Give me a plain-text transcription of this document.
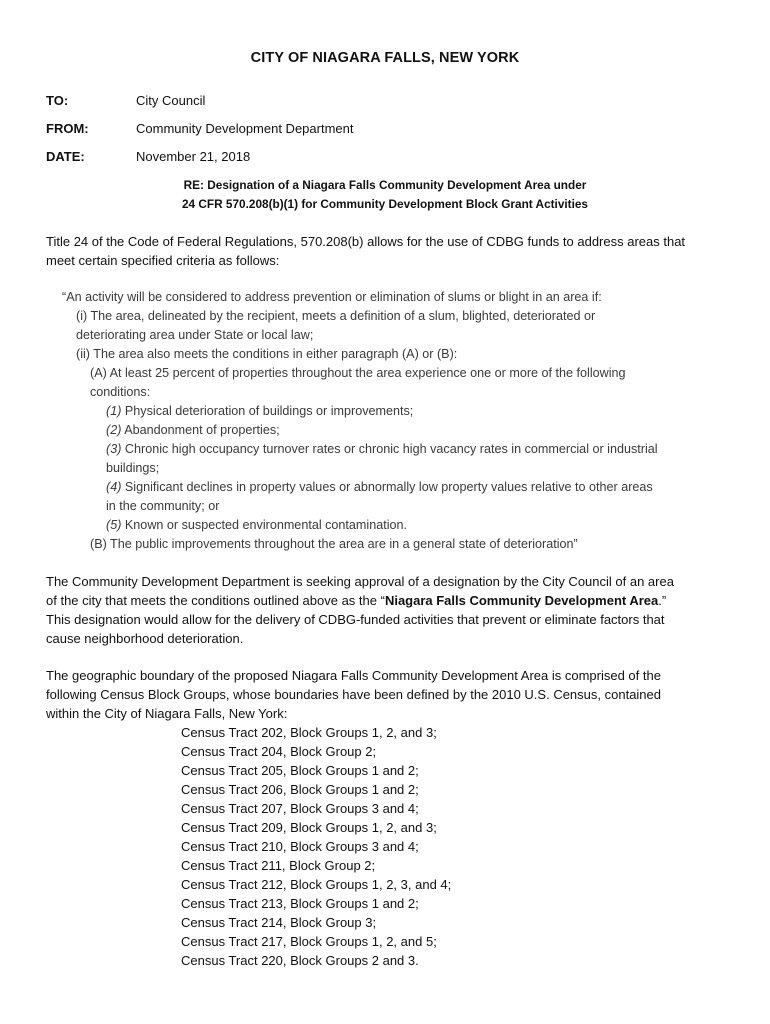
CITY OF NIAGARA FALLS, NEW YORK
TO:	City Council
FROM:	Community Development Department
DATE:	November 21, 2018
RE: Designation of a Niagara Falls Community Development Area under
24 CFR 570.208(b)(1) for Community Development Block Grant Activities
Title 24 of the Code of Federal Regulations, 570.208(b) allows for the use of CDBG funds to address areas that
meet certain specified criteria as follows:
“An activity will be considered to address prevention or elimination of slums or blight in an area if:
(i) The area, delineated by the recipient, meets a definition of a slum, blighted, deteriorated or
deteriorating area under State or local law;
(ii) The area also meets the conditions in either paragraph (A) or (B):
(A) At least 25 percent of properties throughout the area experience one or more of the following
conditions:
(1) Physical deterioration of buildings or improvements;
(2) Abandonment of properties;
(3) Chronic high occupancy turnover rates or chronic high vacancy rates in commercial or industrial
buildings;
(4) Significant declines in property values or abnormally low property values relative to other areas
in the community; or
(5) Known or suspected environmental contamination.
(B) The public improvements throughout the area are in a general state of deterioration”
The Community Development Department is seeking approval of a designation by the City Council of an area
of the city that meets the conditions outlined above as the “Niagara Falls Community Development Area.”
This designation would allow for the delivery of CDBG-funded activities that prevent or eliminate factors that
cause neighborhood deterioration.
The geographic boundary of the proposed Niagara Falls Community Development Area is comprised of the
following Census Block Groups, whose boundaries have been defined by the 2010 U.S. Census, contained
within the City of Niagara Falls, New York:
Census Tract 202, Block Groups 1, 2, and 3;
Census Tract 204, Block Group 2;
Census Tract 205, Block Groups 1 and 2;
Census Tract 206, Block Groups 1 and 2;
Census Tract 207, Block Groups 3 and 4;
Census Tract 209, Block Groups 1, 2, and 3;
Census Tract 210, Block Groups 3 and 4;
Census Tract 211, Block Group 2;
Census Tract 212, Block Groups 1, 2, 3, and 4;
Census Tract 213, Block Groups 1 and 2;
Census Tract 214, Block Group 3;
Census Tract 217, Block Groups 1, 2, and 5;
Census Tract 220, Block Groups 2 and 3.
